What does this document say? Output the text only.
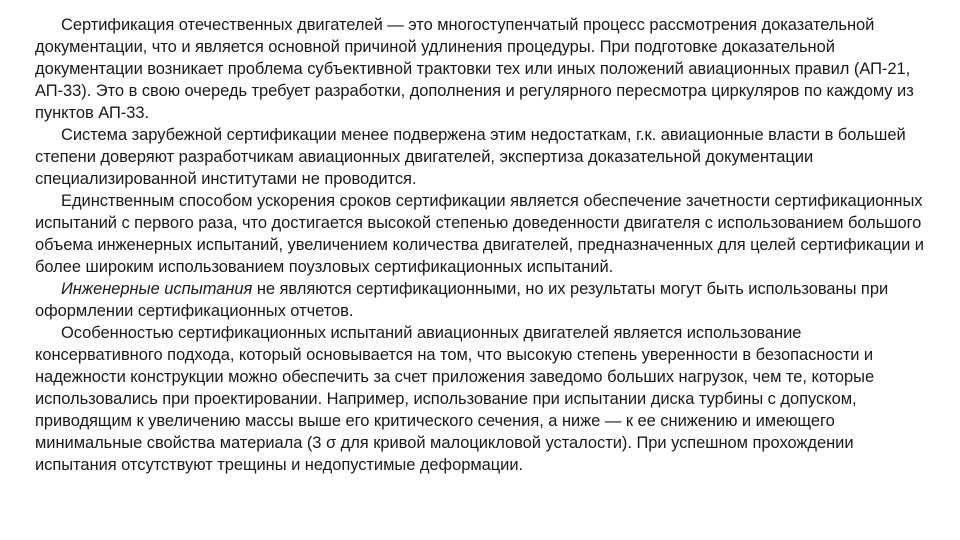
Сертификация отечественных двигателей — это многоступенчатый процесс рассмотрения доказательной документации, что и является основной причиной удлинения процедуры. При подготовке доказательной документации возникает проблема субъективной трактовки тех или иных положений авиационных правил (АП-21, АП-33). Это в свою очередь требует разработки, дополнения и регулярного пересмотра циркуляров по каждому из пунктов АП-33.

Система зарубежной сертификации менее подвержена этим недостаткам, г.к. авиационные власти в большей степени доверяют разработчикам авиационных двигателей, экспертиза доказательной документации специализированной институтами не проводится.

Единственным способом ускорения сроков сертификации является обеспечение зачетности сертификационных испытаний с первого раза, что достигается высокой степенью доведенности двигателя с использованием большого объема инженерных испытаний, увеличением количества двигателей, предназначенных для целей сертификации и более широким использованием поузловых сертификационных испытаний.

Инженерные испытания не являются сертификационными, но их результаты могут быть использованы при оформлении сертификационных отчетов.

Особенностью сертификационных испытаний авиационных двигателей является использование консервативного подхода, который основывается на том, что высокую степень уверенности в безопасности и надежности конструкции можно обеспечить за счет приложения заведомо больших нагрузок, чем те, которые использовались при проектировании. Например, использование при испытании диска турбины с допуском, приводящим к увеличению массы выше его критического сечения, а ниже — к ее снижению и имеющего минимальные свойства материала (3 σ для кривой малоцикловой усталости). При успешном прохождении испытания отсутствуют трещины и недопустимые деформации.
